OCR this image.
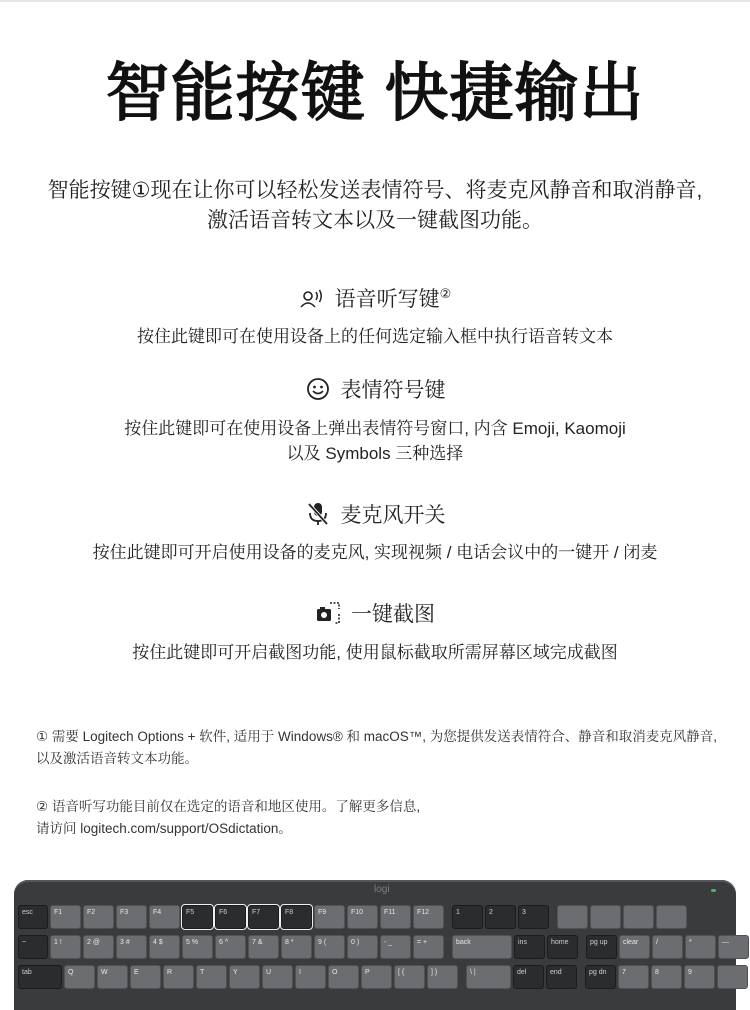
智能按键 快捷输出
智能按键①现在让你可以轻松发送表情符号、将麦克风静音和取消静音, 激活语音转文本以及一键截图功能。
语音听写键②
按住此键即可在使用设备上的任何选定输入框中执行语音转文本
表情符号键
按住此键即可在使用设备上弹出表情符号窗口, 内含 Emoji, Kaomoji
以及 Symbols 三种选择
麦克风开关
按住此键即可开启使用设备的麦克风, 实现视频 / 电话会议中的一键开 / 闭麦
一键截图
按住此键即可开启截图功能, 使用鼠标截取所需屏幕区域完成截图
① 需要 Logitech Options + 软件, 适用于 Windows® 和 macOS™, 为您提供发送表情符合、静音和取消麦克风静音, 以及激活语音转文本功能。
② 语音听写功能目前仅在选定的语音和地区使用。了解更多信息,
请访问 logitech.com/support/OSdictation。
logi
esc	F1	F2	F3	F4	F5	F6	F7	F8	F9	F10	F11	F12	1	2	3
~	1 !	2 @	3 #	4 $	5 %	6 ^	7 &	8 *	9 (	0 )	- _	= +	back	ins	home	pg up	clear	/	*	—
tab	Q	W	E	R	T	Y	U	I	O	P	[ {	] }	\ |	del	end	pg dn	7	8	9
